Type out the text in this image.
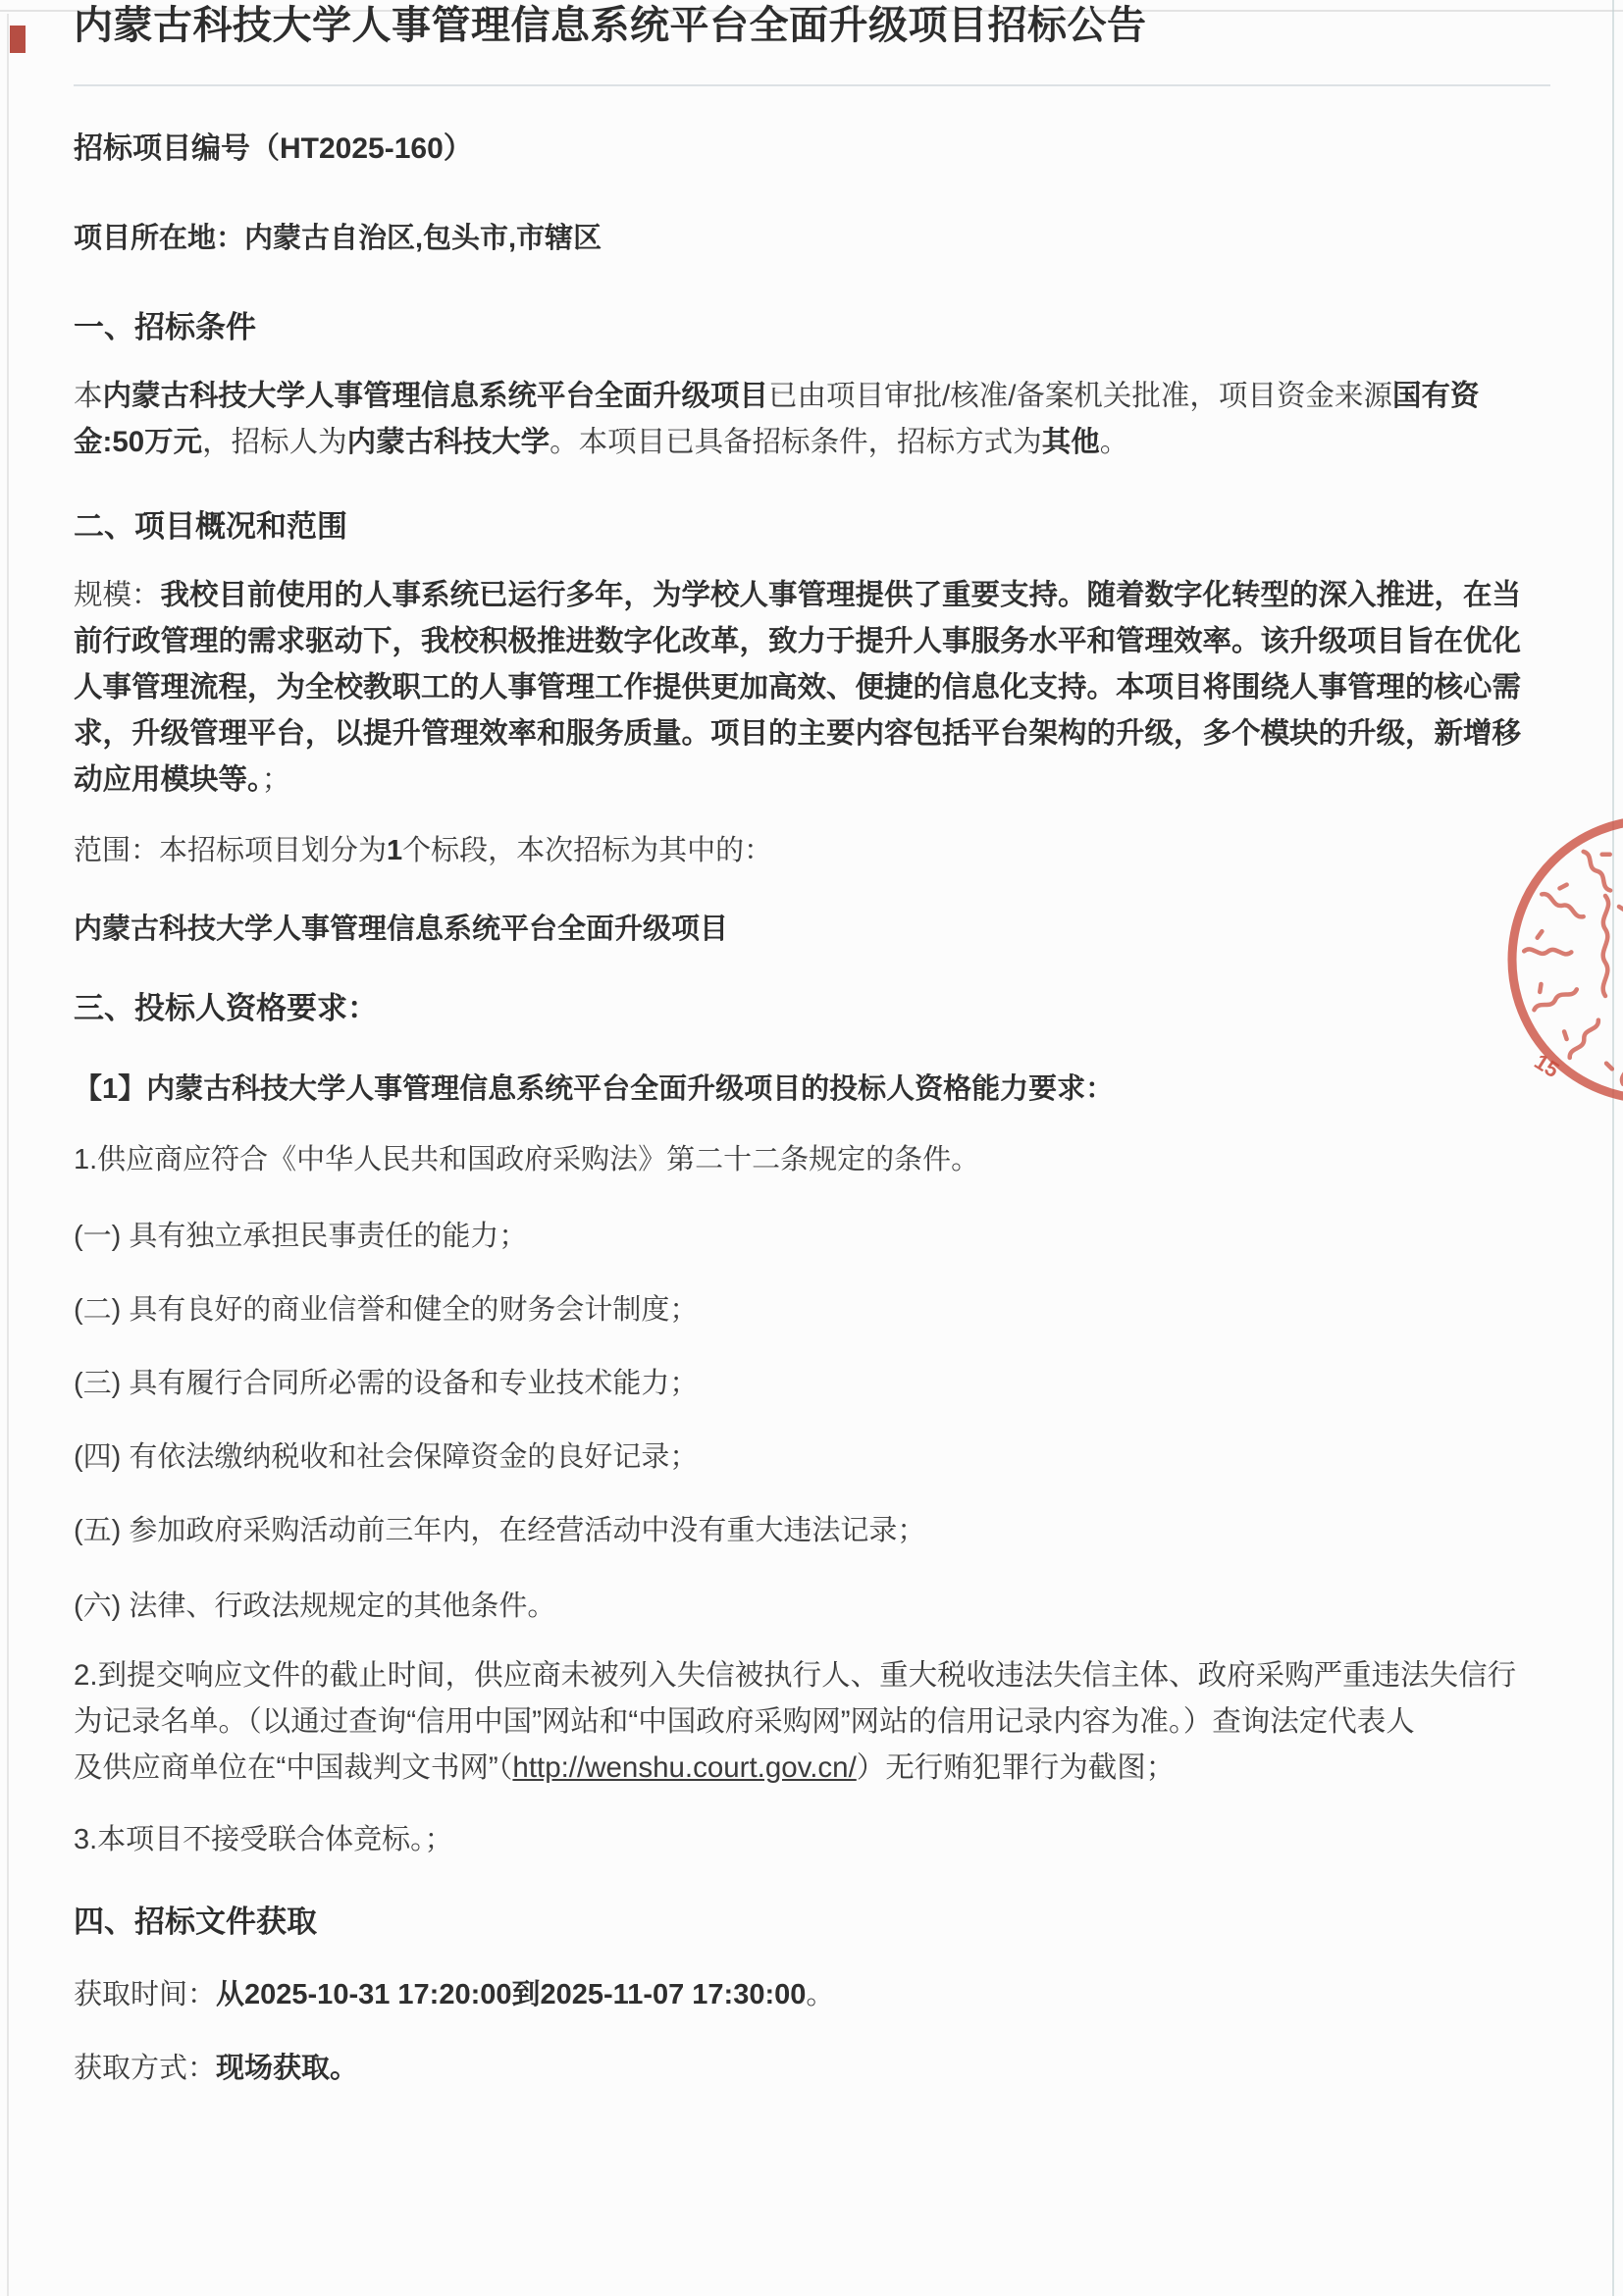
内蒙古科技大学人事管理信息系统平台全面升级项目招标公告

招标项目编号（HT2025-160）

项目所在地：内蒙古自治区,包头市,市辖区

一、招标条件
本内蒙古科技大学人事管理信息系统平台全面升级项目已由项目审批/核准/备案机关批准，项目资金来源国有资
金:50万元，招标人为内蒙古科技大学。本项目已具备招标条件，招标方式为其他。
二、项目概况和范围
规模：我校目前使用的人事系统已运行多年，为学校人事管理提供了重要支持。随着数字化转型的深入推进，在当
前行政管理的需求驱动下，我校积极推进数字化改革，致力于提升人事服务水平和管理效率。该升级项目旨在优化
人事管理流程，为全校教职工的人事管理工作提供更加高效、便捷的信息化支持。本项目将围绕人事管理的核心需
求，升级管理平台，以提升管理效率和服务质量。项目的主要内容包括平台架构的升级，多个模块的升级，新增移
动应用模块等。；

范围：本招标项目划分为1个标段，本次招标为其中的：

内蒙古科技大学人事管理信息系统平台全面升级项目

三、投标人资格要求：

【1】内蒙古科技大学人事管理信息系统平台全面升级项目的投标人资格能力要求：

1.供应商应符合《中华人民共和国政府采购法》第二十二条规定的条件。

(一) 具有独立承担民事责任的能力；

(二) 具有良好的商业信誉和健全的财务会计制度；

(三) 具有履行合同所必需的设备和专业技术能力；

(四) 有依法缴纳税收和社会保障资金的良好记录；

(五) 参加政府采购活动前三年内，在经营活动中没有重大违法记录；

(六) 法律、行政法规规定的其他条件。

2.到提交响应文件的截止时间，供应商未被列入失信被执行人、重大税收违法失信主体、政府采购严重违法失信行
为记录名单。（以通过查询“信用中国”网站和“中国政府采购网”网站的信用记录内容为准。）查询法定代表人
及供应商单位在“中国裁判文书网”（http://wenshu.court.gov.cn/）无行贿犯罪行为截图；

3.本项目不接受联合体竞标。；

四、招标文件获取

获取时间：从2025-10-31 17:20:00到2025-11-07 17:30:00。

获取方式：现场获取。

15
